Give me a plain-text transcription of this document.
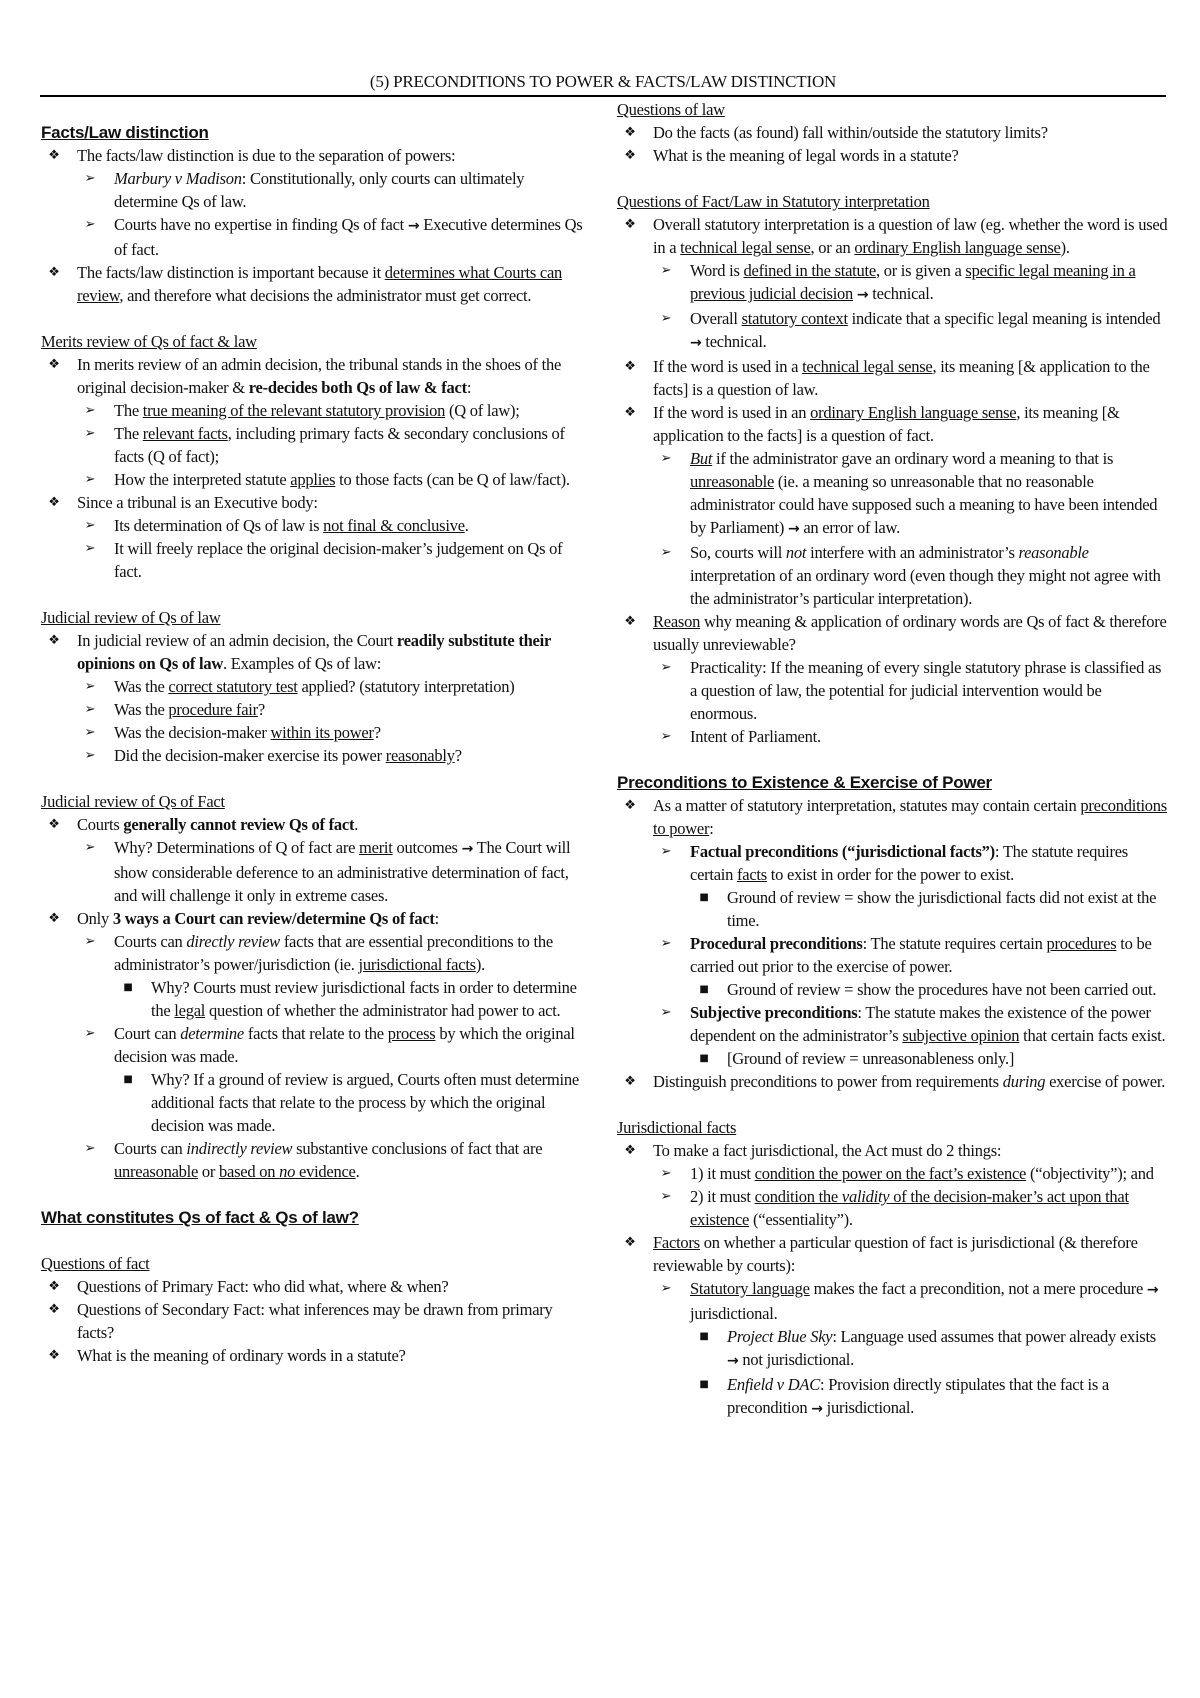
(5) PRECONDITIONS TO POWER & FACTS/LAW DISTINCTION
Facts/Law distinction
❖	The facts/law distinction is due to the separation of powers:
➢	Marbury v Madison: Constitutionally, only courts can ultimately determine Qs of law.
➢	Courts have no expertise in finding Qs of fact → Executive determines Qs of fact.
❖	The facts/law distinction is important because it determines what Courts can review, and therefore what decisions the administrator must get correct.
Merits review of Qs of fact & law
❖	In merits review of an admin decision, the tribunal stands in the shoes of the original decision-maker & re-decides both Qs of law & fact:
➢	The true meaning of the relevant statutory provision (Q of law);
➢	The relevant facts, including primary facts & secondary conclusions of facts (Q of fact);
➢	How the interpreted statute applies to those facts (can be Q of law/fact).
❖	Since a tribunal is an Executive body:
➢	Its determination of Qs of law is not final & conclusive.
➢	It will freely replace the original decision-maker’s judgement on Qs of fact.
Judicial review of Qs of law
❖	In judicial review of an admin decision, the Court readily substitute their opinions on Qs of law. Examples of Qs of law:
➢	Was the correct statutory test applied? (statutory interpretation)
➢	Was the procedure fair?
➢	Was the decision-maker within its power?
➢	Did the decision-maker exercise its power reasonably?
Judicial review of Qs of Fact
❖	Courts generally cannot review Qs of fact.
➢	Why? Determinations of Q of fact are merit outcomes → The Court will show considerable deference to an administrative determination of fact, and will challenge it only in extreme cases.
❖	Only 3 ways a Court can review/determine Qs of fact:
➢	Courts can directly review facts that are essential preconditions to the administrator’s power/jurisdiction (ie. jurisdictional facts).
■	Why? Courts must review jurisdictional facts in order to determine the legal question of whether the administrator had power to act.
➢	Court can determine facts that relate to the process by which the original decision was made.
■	Why? If a ground of review is argued, Courts often must determine additional facts that relate to the process by which the original decision was made.
➢	Courts can indirectly review substantive conclusions of fact that are unreasonable or based on no evidence.
What constitutes Qs of fact & Qs of law?
Questions of fact
❖	Questions of Primary Fact: who did what, where & when?
❖	Questions of Secondary Fact: what inferences may be drawn from primary facts?
❖	What is the meaning of ordinary words in a statute?
Questions of law
❖	Do the facts (as found) fall within/outside the statutory limits?
❖	What is the meaning of legal words in a statute?
Questions of Fact/Law in Statutory interpretation
❖	Overall statutory interpretation is a question of law (eg. whether the word is used in a technical legal sense, or an ordinary English language sense).
➢	Word is defined in the statute, or is given a specific legal meaning in a previous judicial decision → technical.
➢	Overall statutory context indicate that a specific legal meaning is intended → technical.
❖	If the word is used in a technical legal sense, its meaning [& application to the facts] is a question of law.
❖	If the word is used in an ordinary English language sense, its meaning [& application to the facts] is a question of fact.
➢	But if the administrator gave an ordinary word a meaning to that is unreasonable (ie. a meaning so unreasonable that no reasonable administrator could have supposed such a meaning to have been intended by Parliament) → an error of law.
➢	So, courts will not interfere with an administrator’s reasonable interpretation of an ordinary word (even though they might not agree with the administrator’s particular interpretation).
❖	Reason why meaning & application of ordinary words are Qs of fact & therefore usually unreviewable?
➢	Practicality: If the meaning of every single statutory phrase is classified as a question of law, the potential for judicial intervention would be enormous.
➢	Intent of Parliament.
Preconditions to Existence & Exercise of Power
❖	As a matter of statutory interpretation, statutes may contain certain preconditions to power:
➢	Factual preconditions (“jurisdictional facts”): The statute requires certain facts to exist in order for the power to exist.
■	Ground of review = show the jurisdictional facts did not exist at the time.
➢	Procedural preconditions: The statute requires certain procedures to be carried out prior to the exercise of power.
■	Ground of review = show the procedures have not been carried out.
➢	Subjective preconditions: The statute makes the existence of the power dependent on the administrator’s subjective opinion that certain facts exist.
■	[Ground of review = unreasonableness only.]
❖	Distinguish preconditions to power from requirements during exercise of power.
Jurisdictional facts
❖	To make a fact jurisdictional, the Act must do 2 things:
➢	1) it must condition the power on the fact’s existence (“objectivity”); and
➢	2) it must condition the validity of the decision-maker’s act upon that existence (“essentiality”).
❖	Factors on whether a particular question of fact is jurisdictional (& therefore reviewable by courts):
➢	Statutory language makes the fact a precondition, not a mere procedure → jurisdictional.
■	Project Blue Sky: Language used assumes that power already exists → not jurisdictional.
■	Enfield v DAC: Provision directly stipulates that the fact is a precondition → jurisdictional.
